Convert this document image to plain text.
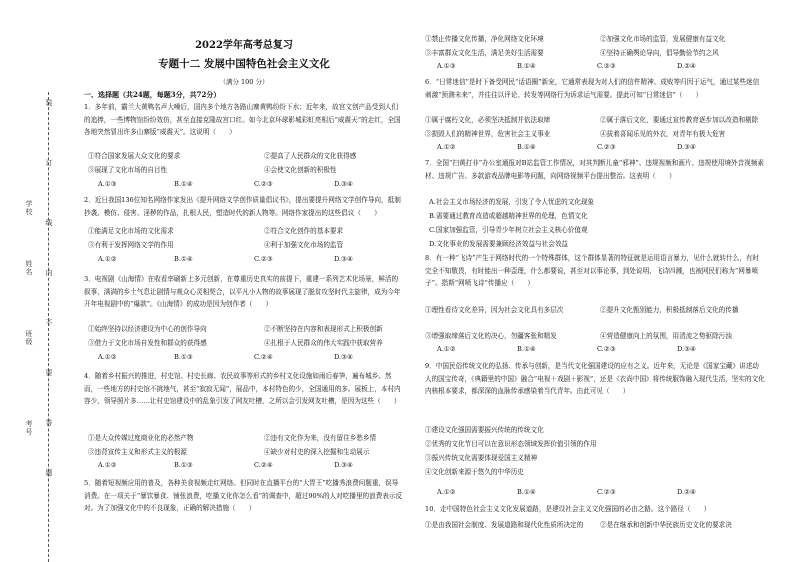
装
订
线
内
不
要
答
题
学校
姓名
班级
考号
2022学年高考总复习
专题十二 发展中国特色社会主义文化
（满分 100 分）
一、选择题（共24题，每题3分，共72分）

1．多年前，霸兰大黄鸭名声大噪后，国内多个地方各路山寨黄鸭纷纷下水；近年来，故宫文创产品受到人们的追捧，一些博物馆纷纷效仿，甚至直接克隆故宫口红。如今北京环球影城彩虹亮相后“威震天”的走红，全国各地突然冒出许多山寨版“威震天”。这说明（　　）

①符合国家发展大众文化的要求	②提高了人民群众的文化获得感
③展现了文化市场的自目性	④会使文化创新的积极性
A.①③	B.①④	C.②③	D.③④

2．近日我国136位知名网络作家发出《提升网络文学创作质量倡议书》，提出要提升网络文学创作导向，抵制抄袭、模仿、侵害、淫秽的作品，扎根人民，塑造时代的新人物等。网络作家提出的这些倡议（　　）

①能满足文化市场的文化需求	②符合文化创作的基本要求
③有利于发挥网络文学的作用	④利于加强文化市场的监管
A.①②	B.①④	C.②③	D.③④

3．电视剧《山海情》在收看率刷新上多元创新，在尊重历史真实的前提下，重建一系列艺术化场景，鲜活的叙事，满满的乡土气息让剧情与观众心灵相契合，以平凡小人物的故事展现了脱贫攻坚时代主旋律，成为今年开年电视剧中的“爆款”。《山海情》的成功是因为创作者（　　）

①始终坚持以经济建设为中心的创作导向	②不断坚持在内容和表现形式上积极创新
③借力于文化市场自发性和群众的获得感	④扎根于人民群众的伟大实践中获取营养
A.①②	B.①③	C.②④	D.③④

4．随着乡村振兴的推进，村史馆、村史长廊、农民故事等形式的乡村文化设施如雨后春笋，遍布城乡。然而，一些地方的村史馆不挑地气，甚至“寂寂无闻”，展品中，本村特色的少，全国通用的多。展板上，本村内容少，领导照片多……让村史馆建设中的乱象引发了网友吐槽，之所以会引发网友吐槽，是因为这些（　　）

①是大众传媒过度商业化的必然产物	②违有文化作为来，没有留住乡愁乡情
③违背宣传主义和形式主义的根源	④缺少对村史的深入挖掘和生动展示
A.①②	B.①③	C.②④	D.③④

5．随着短视频应用的普及，各种美食视频走红网络。但同时在直播平台的“大胃王”吃播秀浪费问题重，误导消费。在一项关于“暴饮暴食、铺张浪费，吃播文化你怎么看”的调查中，超过90%的人对吃播里的浪费表示反对。为了加强文化中的不良现象，正确的解决措施（　　）

①禁止传播文化传播，净化网络文化环境	②加强文化市场的监管，发展健康有益文化
③丰富群众文化生活，满足美好生活需要	④坚持正确舆论导向，倡导勤俭节约之风
A.①③	B.①④	C.②③	D.②④

6．“日常迷信”是时下备受网民“话语圈”新宠，它通常表现为对人们的信件精神、成败等归因于运气，通过某些迷信刺激“预测未来”，并往往以评论、转发等网络行为诉求运气需要。提此可知“日常迷信”（　　）

①属于腐朽文化，必须坚决抵制并依法取缔	②属于落后文化，要通过宣传教育逐步加以改造和剔除
③损毁人们的精神世界，危害社会主义事业	④拔着喜闻乐见的外衣，对青年有极大危害
A.①②	B.①④	C.②③	D.③④

7．全国“扫黄打非”办公室通报对B站监管工作情况，对其判断儿童“邪神”、违规视频和画片、违规使用境外音视频素材、违规广告、多款游戏品牌电影等问题，向网络视频平台提出整治。这表明（　　）

A.社会主义市场经济的发展，引发了令人忧虑的文化现象
B.需要通过教育改造或超越精神世界的伦理，色情文化
C.国家加强监管，引导青少年树立社会主义核心价值观
D.文化事业的发展需要兼顾经济效益与社会效益

8．有一种“飞诗”产生于网络时代的一个特殊群体，这个群体显著的特征就是运用语言暴力，见什么就转什么，有时完全不知敬畏，有时能出一种歪理，什么都要说，甚至对以事论事，到处说明、飞诗四溅，也被网民们称为“网暴喷子”。指斯“网喷飞诗”传播应（　　）

①理性看待文化差异，因为社会文化具有多层次	②提升文化甄别能力，积极抵制落后文化的传播
③增强取缔落后文化的决心，勿疆客张和精发	④营造健康向上的氛围，用清流之势驱除污浊
A.①②	B.①④	C.②③	D.③④

9．中国民俗传统文化的弘扬、传承与创新，是当代文化强国建设的应有之义。近年来，无论是《国家宝藏》讲述动人的国宝传奇，《典籍里的中国》融合“电视＋戏剧＋影视”，还是《衣尚中国》将传统服饰融入现代生活，坚实的文化内核根本要求，都深深的血脉传承感染着当代青年。由此可见（　　）

①建设文化强国需要振兴传统的传统文化
②优秀的文化节目可以在意识形态领域发挥价值引领的作用
③振兴传统文化需要体现爱国主义精神
④文化创新来源于悠久的中华历史
A.①②	B.①④	C.②③	D.②④

10．走中国特色社会主义文化发展道路，是建设社会主义文化强国的必由之路。这个路径（　　）

①是由我国社会制度、发展道路和现代化性质所决定的	②是在继承和创新中华民族历史文化的要求决
